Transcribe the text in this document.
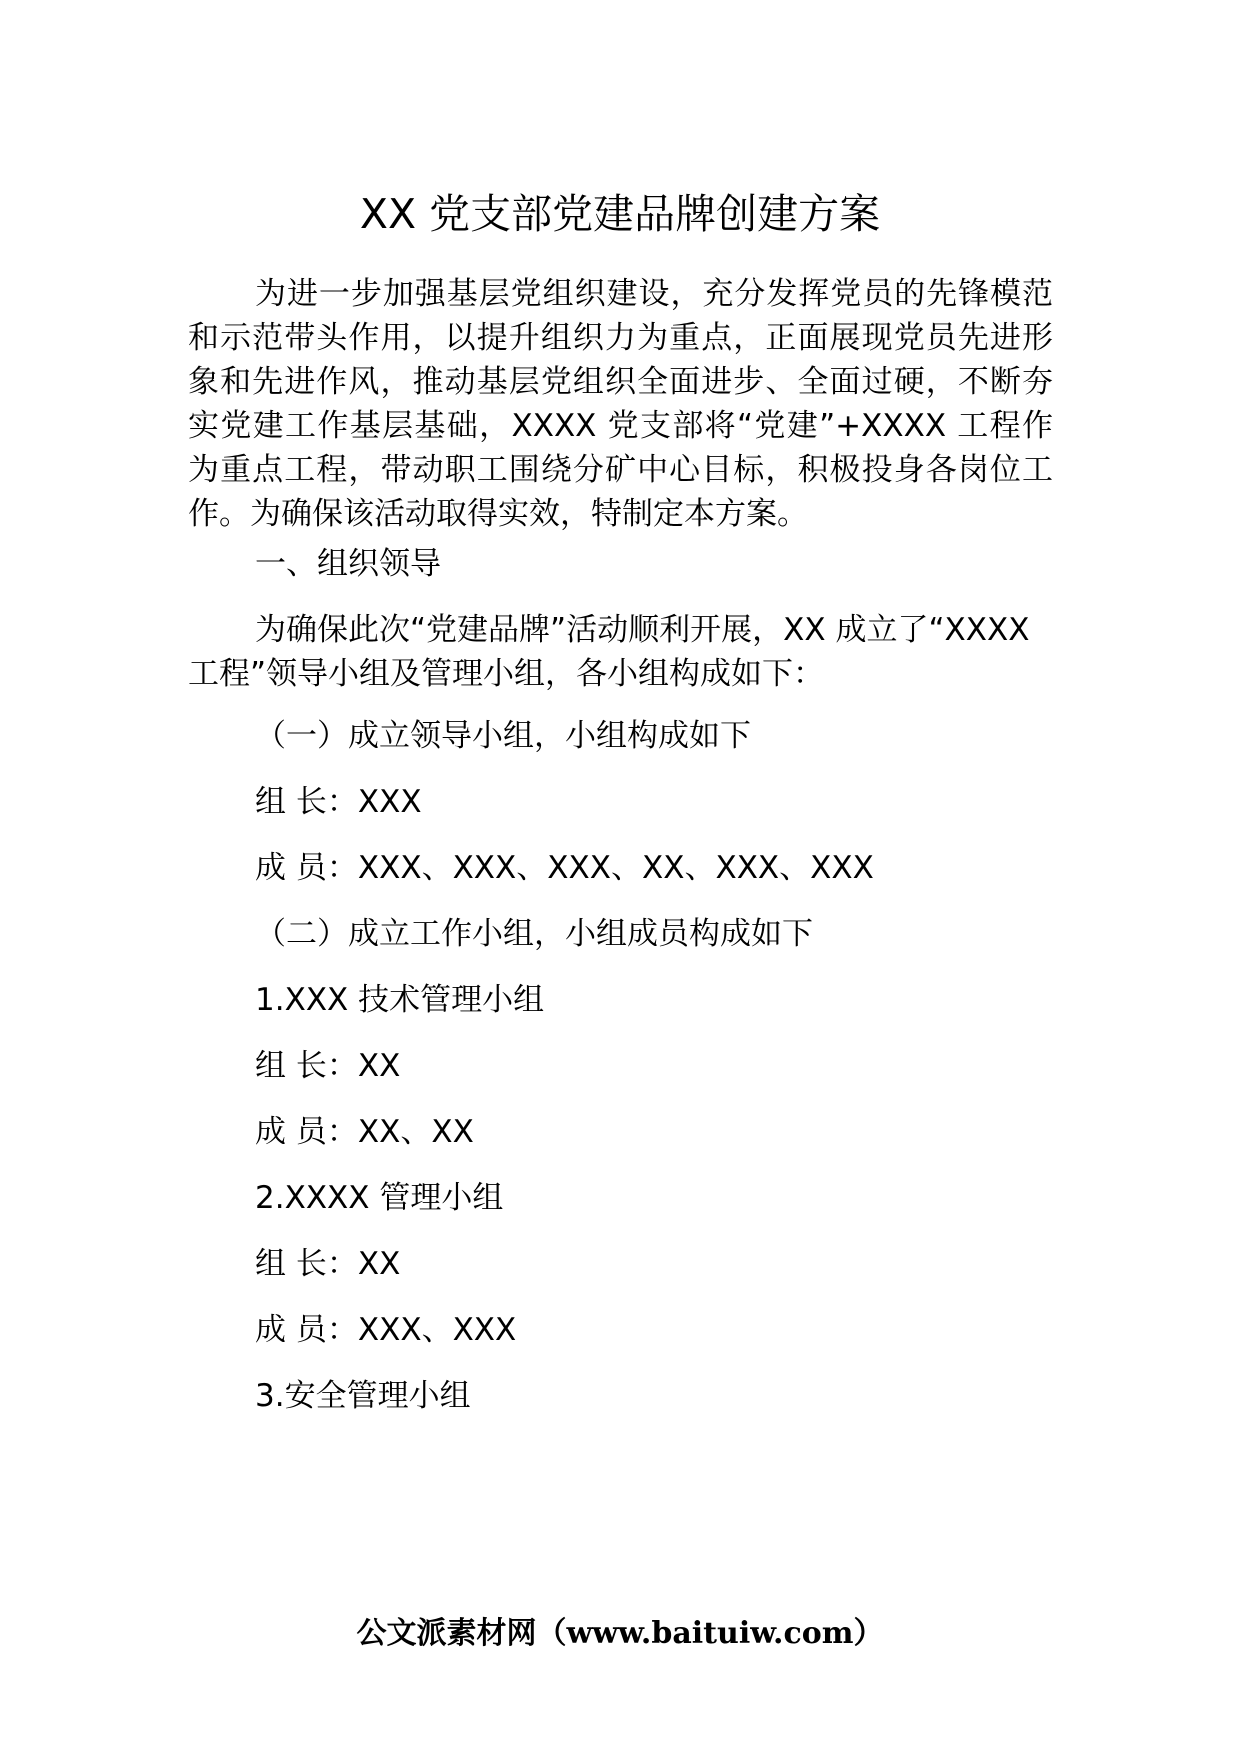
XX 党支部党建品牌创建方案

为进一步加强基层党组织建设，充分发挥党员的先锋模范和示范带头作用，以提升组织力为重点，正面展现党员先进形象和先进作风，推动基层党组织全面进步、全面过硬，不断夯实党建工作基层基础，XXXX 党支部将“党建”+XXXX 工程作为重点工程，带动职工围绕分矿中心目标，积极投身各岗位工作。为确保该活动取得实效，特制定本方案。

一、组织领导

为确保此次“党建品牌”活动顺利开展，XX 成立了“XXXX 工程”领导小组及管理小组，各小组构成如下：

（一）成立领导小组，小组构成如下

组 长：XXX

成 员：XXX、XXX、XXX、XX、XXX、XXX

（二）成立工作小组，小组成员构成如下

1.XXX 技术管理小组

组 长：XX

成 员：XX、XX

2.XXXX 管理小组

组 长：XX

成 员：XXX、XXX

3.安全管理小组

公文派素材网（www.baituiw.com）
